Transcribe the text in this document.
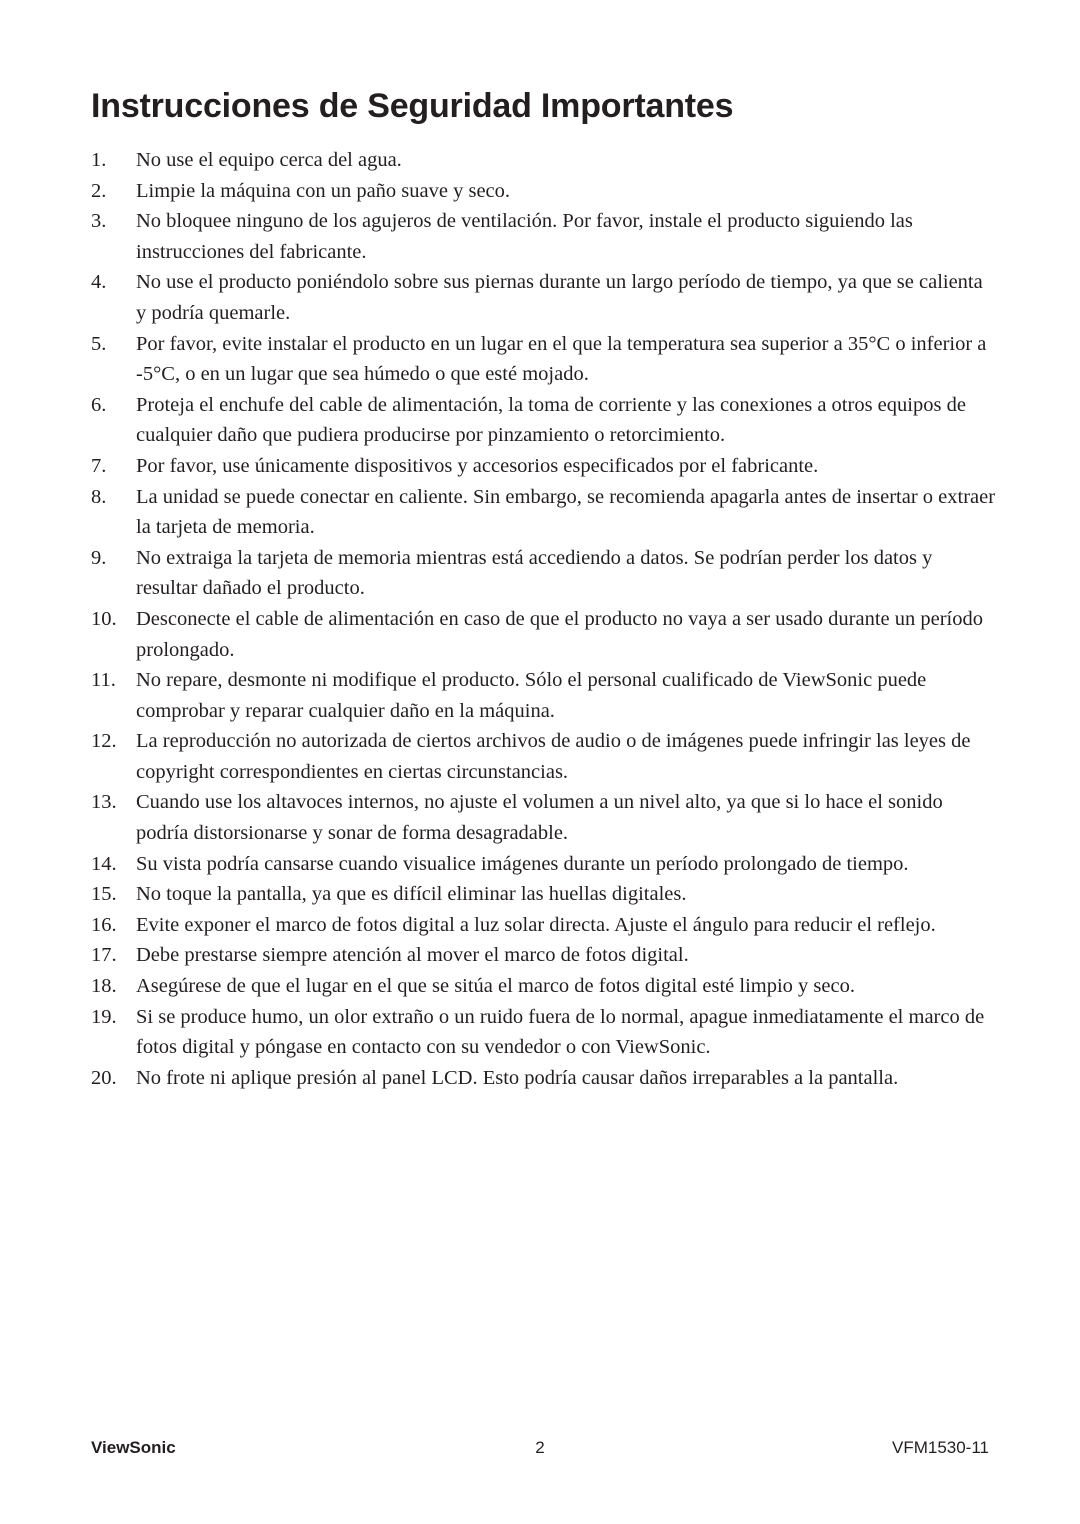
Instrucciones de Seguridad Importantes
1.	No use el equipo cerca del agua.
2.	Limpie la máquina con un paño suave y seco.
3.	No bloquee ninguno de los agujeros de ventilación. Por favor, instale el producto siguiendo las instrucciones del fabricante.
4.	No use el producto poniéndolo sobre sus piernas durante un largo período de tiempo, ya que se calienta y podría quemarle.
5.	Por favor, evite instalar el producto en un lugar en el que la temperatura sea superior a 35°C o inferior a -5°C, o en un lugar que sea húmedo o que esté mojado.
6.	Proteja el enchufe del cable de alimentación, la toma de corriente y las conexiones a otros equipos de cualquier daño que pudiera producirse por pinzamiento o retorcimiento.
7.	Por favor, use únicamente dispositivos y accesorios especificados por el fabricante.
8.	La unidad se puede conectar en caliente. Sin embargo, se recomienda apagarla antes de insertar o extraer la tarjeta de memoria.
9.	No extraiga la tarjeta de memoria mientras está accediendo a datos. Se podrían perder los datos y resultar dañado el producto.
10. Desconecte el cable de alimentación en caso de que el producto no vaya a ser usado durante un período prolongado.
11. No repare, desmonte ni modifique el producto. Sólo el personal cualificado de ViewSonic puede comprobar y reparar cualquier daño en la máquina.
12. La reproducción no autorizada de ciertos archivos de audio o de imágenes puede infringir las leyes de copyright correspondientes en ciertas circunstancias.
13. Cuando use los altavoces internos, no ajuste el volumen a un nivel alto, ya que si lo hace el sonido podría distorsionarse y sonar de forma desagradable.
14. Su vista podría cansarse cuando visualice imágenes durante un período prolongado de tiempo.
15. No toque la pantalla, ya que es difícil eliminar las huellas digitales.
16. Evite exponer el marco de fotos digital a luz solar directa. Ajuste el ángulo para reducir el reflejo.
17. Debe prestarse siempre atención al mover el marco de fotos digital.
18. Asegúrese de que el lugar en el que se sitúa el marco de fotos digital esté limpio y seco.
19. Si se produce humo, un olor extraño o un ruido fuera de lo normal, apague inmediatamente el marco de fotos digital y póngase en contacto con su vendedor o con ViewSonic.
20. No frote ni aplique presión al panel LCD. Esto podría causar daños irreparables a la pantalla.
ViewSonic	2	VFM1530-11
